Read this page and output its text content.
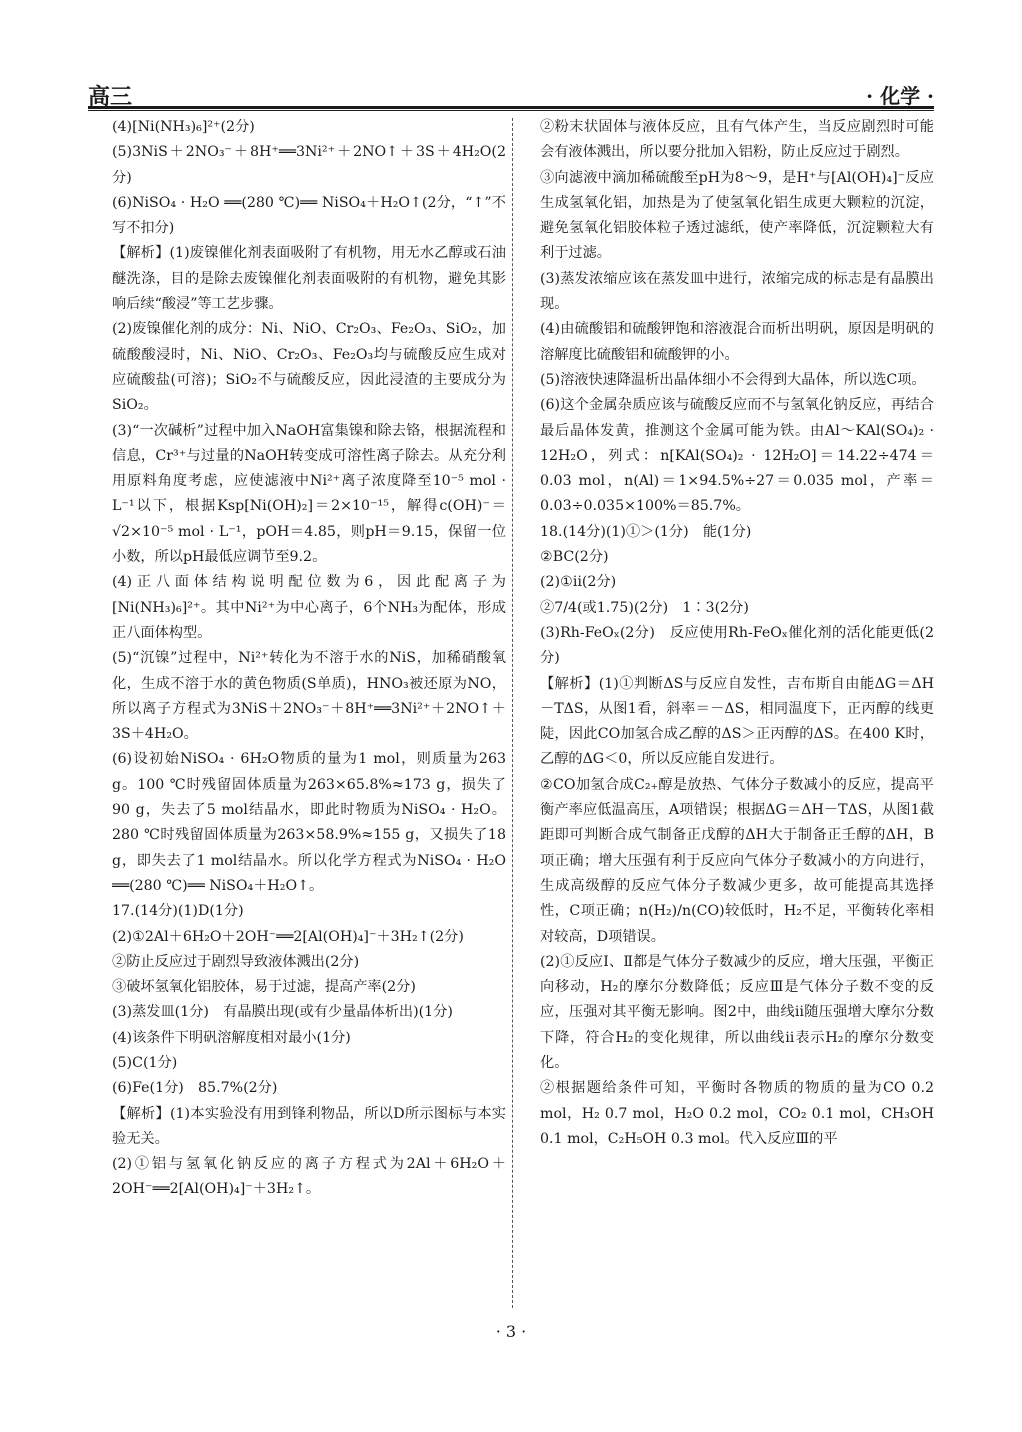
高三	· 化学 ·

(4)[Ni(NH₃)₆]²⁺(2分)

(5)3NiS＋2NO₃⁻＋8H⁺══3Ni²⁺＋2NO↑＋3S＋4H₂O(2分)

(6)NiSO₄ · H₂O ══(280 ℃)══ NiSO₄＋H₂O↑(2分，“↑”不写不扣分)

【解析】(1)废镍催化剂表面吸附了有机物，用无水乙醇或石油醚洗涤，目的是除去废镍催化剂表面吸附的有机物，避免其影响后续“酸浸”等工艺步骤。

(2)废镍催化剂的成分：Ni、NiO、Cr₂O₃、Fe₂O₃、SiO₂，加硫酸酸浸时，Ni、NiO、Cr₂O₃、Fe₂O₃均与硫酸反应生成对应硫酸盐(可溶)；SiO₂不与硫酸反应，因此浸渣的主要成分为SiO₂。

(3)“一次碱析”过程中加入NaOH富集镍和除去铬，根据流程和信息，Cr³⁺与过量的NaOH转变成可溶性离子除去。从充分利用原料角度考虑，应使滤液中Ni²⁺离子浓度降至10⁻⁵ mol · L⁻¹以下，根据Ksp[Ni(OH)₂]＝2×10⁻¹⁵，解得c(OH)⁻＝√2×10⁻⁵ mol · L⁻¹，pOH＝4.85，则pH＝9.15，保留一位小数，所以pH最低应调节至9.2。

(4)正八面体结构说明配位数为6，因此配离子为[Ni(NH₃)₆]²⁺。其中Ni²⁺为中心离子，6个NH₃为配体，形成正八面体构型。

(5)“沉镍”过程中，Ni²⁺转化为不溶于水的NiS，加稀硝酸氧化，生成不溶于水的黄色物质(S单质)，HNO₃被还原为NO，所以离子方程式为3NiS＋2NO₃⁻＋8H⁺══3Ni²⁺＋2NO↑＋3S＋4H₂O。

(6)设初始NiSO₄ · 6H₂O物质的量为1 mol，则质量为263 g。100 ℃时残留固体质量为263×65.8%≈173 g，损失了90 g，失去了5 mol结晶水，即此时物质为NiSO₄ · H₂O。280 ℃时残留固体质量为263×58.9%≈155 g，又损失了18 g，即失去了1 mol结晶水。所以化学方程式为NiSO₄ · H₂O ══(280 ℃)══ NiSO₄＋H₂O↑。

17.(14分)(1)D(1分)

(2)①2Al＋6H₂O＋2OH⁻══2[Al(OH)₄]⁻＋3H₂↑(2分)

②防止反应过于剧烈导致液体溅出(2分)

③破坏氢氧化铝胶体，易于过滤，提高产率(2分)

(3)蒸发皿(1分)　有晶膜出现(或有少量晶体析出)(1分)

(4)该条件下明矾溶解度相对最小(1分)

(5)C(1分)

(6)Fe(1分)　85.7%(2分)

【解析】(1)本实验没有用到锋利物品，所以D所示图标与本实验无关。

(2)①铝与氢氧化钠反应的离子方程式为2Al＋6H₂O＋2OH⁻══2[Al(OH)₄]⁻＋3H₂↑。

②粉末状固体与液体反应，且有气体产生，当反应剧烈时可能会有液体溅出，所以要分批加入铝粉，防止反应过于剧烈。

③向滤液中滴加稀硫酸至pH为8～9，是H⁺与[Al(OH)₄]⁻反应生成氢氧化铝，加热是为了使氢氧化铝生成更大颗粒的沉淀，避免氢氧化铝胶体粒子透过滤纸，使产率降低，沉淀颗粒大有利于过滤。

(3)蒸发浓缩应该在蒸发皿中进行，浓缩完成的标志是有晶膜出现。

(4)由硫酸铝和硫酸钾饱和溶液混合而析出明矾，原因是明矾的溶解度比硫酸铝和硫酸钾的小。

(5)溶液快速降温析出晶体细小不会得到大晶体，所以选C项。

(6)这个金属杂质应该与硫酸反应而不与氢氧化钠反应，再结合最后晶体发黄，推测这个金属可能为铁。由Al～KAl(SO₄)₂ · 12H₂O，列式：n[KAl(SO₄)₂ · 12H₂O]＝14.22÷474＝0.03 mol，n(Al)＝1×94.5%÷27＝0.035 mol，产率＝0.03÷0.035×100%＝85.7%。

18.(14分)(1)①＞(1分)　能(1分)

②BC(2分)

(2)①ⅱ(2分)

②7/4(或1.75)(2分)　1∶3(2分)

(3)Rh-FeOₓ(2分)　反应使用Rh-FeOₓ催化剂的活化能更低(2分)

【解析】(1)①判断ΔS与反应自发性，吉布斯自由能ΔG＝ΔH－TΔS，从图1看，斜率＝－ΔS，相同温度下，正丙醇的线更陡，因此CO加氢合成乙醇的ΔS＞正丙醇的ΔS。在400 K时，乙醇的ΔG＜0，所以反应能自发进行。

②CO加氢合成C₂₊醇是放热、气体分子数减小的反应，提高平衡产率应低温高压，A项错误；根据ΔG＝ΔH－TΔS，从图1截距即可判断合成气制备正戊醇的ΔH大于制备正壬醇的ΔH，B项正确；增大压强有利于反应向气体分子数减小的方向进行，生成高级醇的反应气体分子数减少更多，故可能提高其选择性，C项正确；n(H₂)/n(CO)较低时，H₂不足，平衡转化率相对较高，D项错误。

(2)①反应Ⅰ、Ⅱ都是气体分子数减少的反应，增大压强，平衡正向移动，H₂的摩尔分数降低；反应Ⅲ是气体分子数不变的反应，压强对其平衡无影响。图2中，曲线ⅱ随压强增大摩尔分数下降，符合H₂的变化规律，所以曲线ⅱ表示H₂的摩尔分数变化。

②根据题给条件可知，平衡时各物质的物质的量为CO 0.2 mol，H₂ 0.7 mol，H₂O 0.2 mol，CO₂ 0.1 mol，CH₃OH 0.1 mol，C₂H₅OH 0.3 mol。代入反应Ⅲ的平

· 3 ·
